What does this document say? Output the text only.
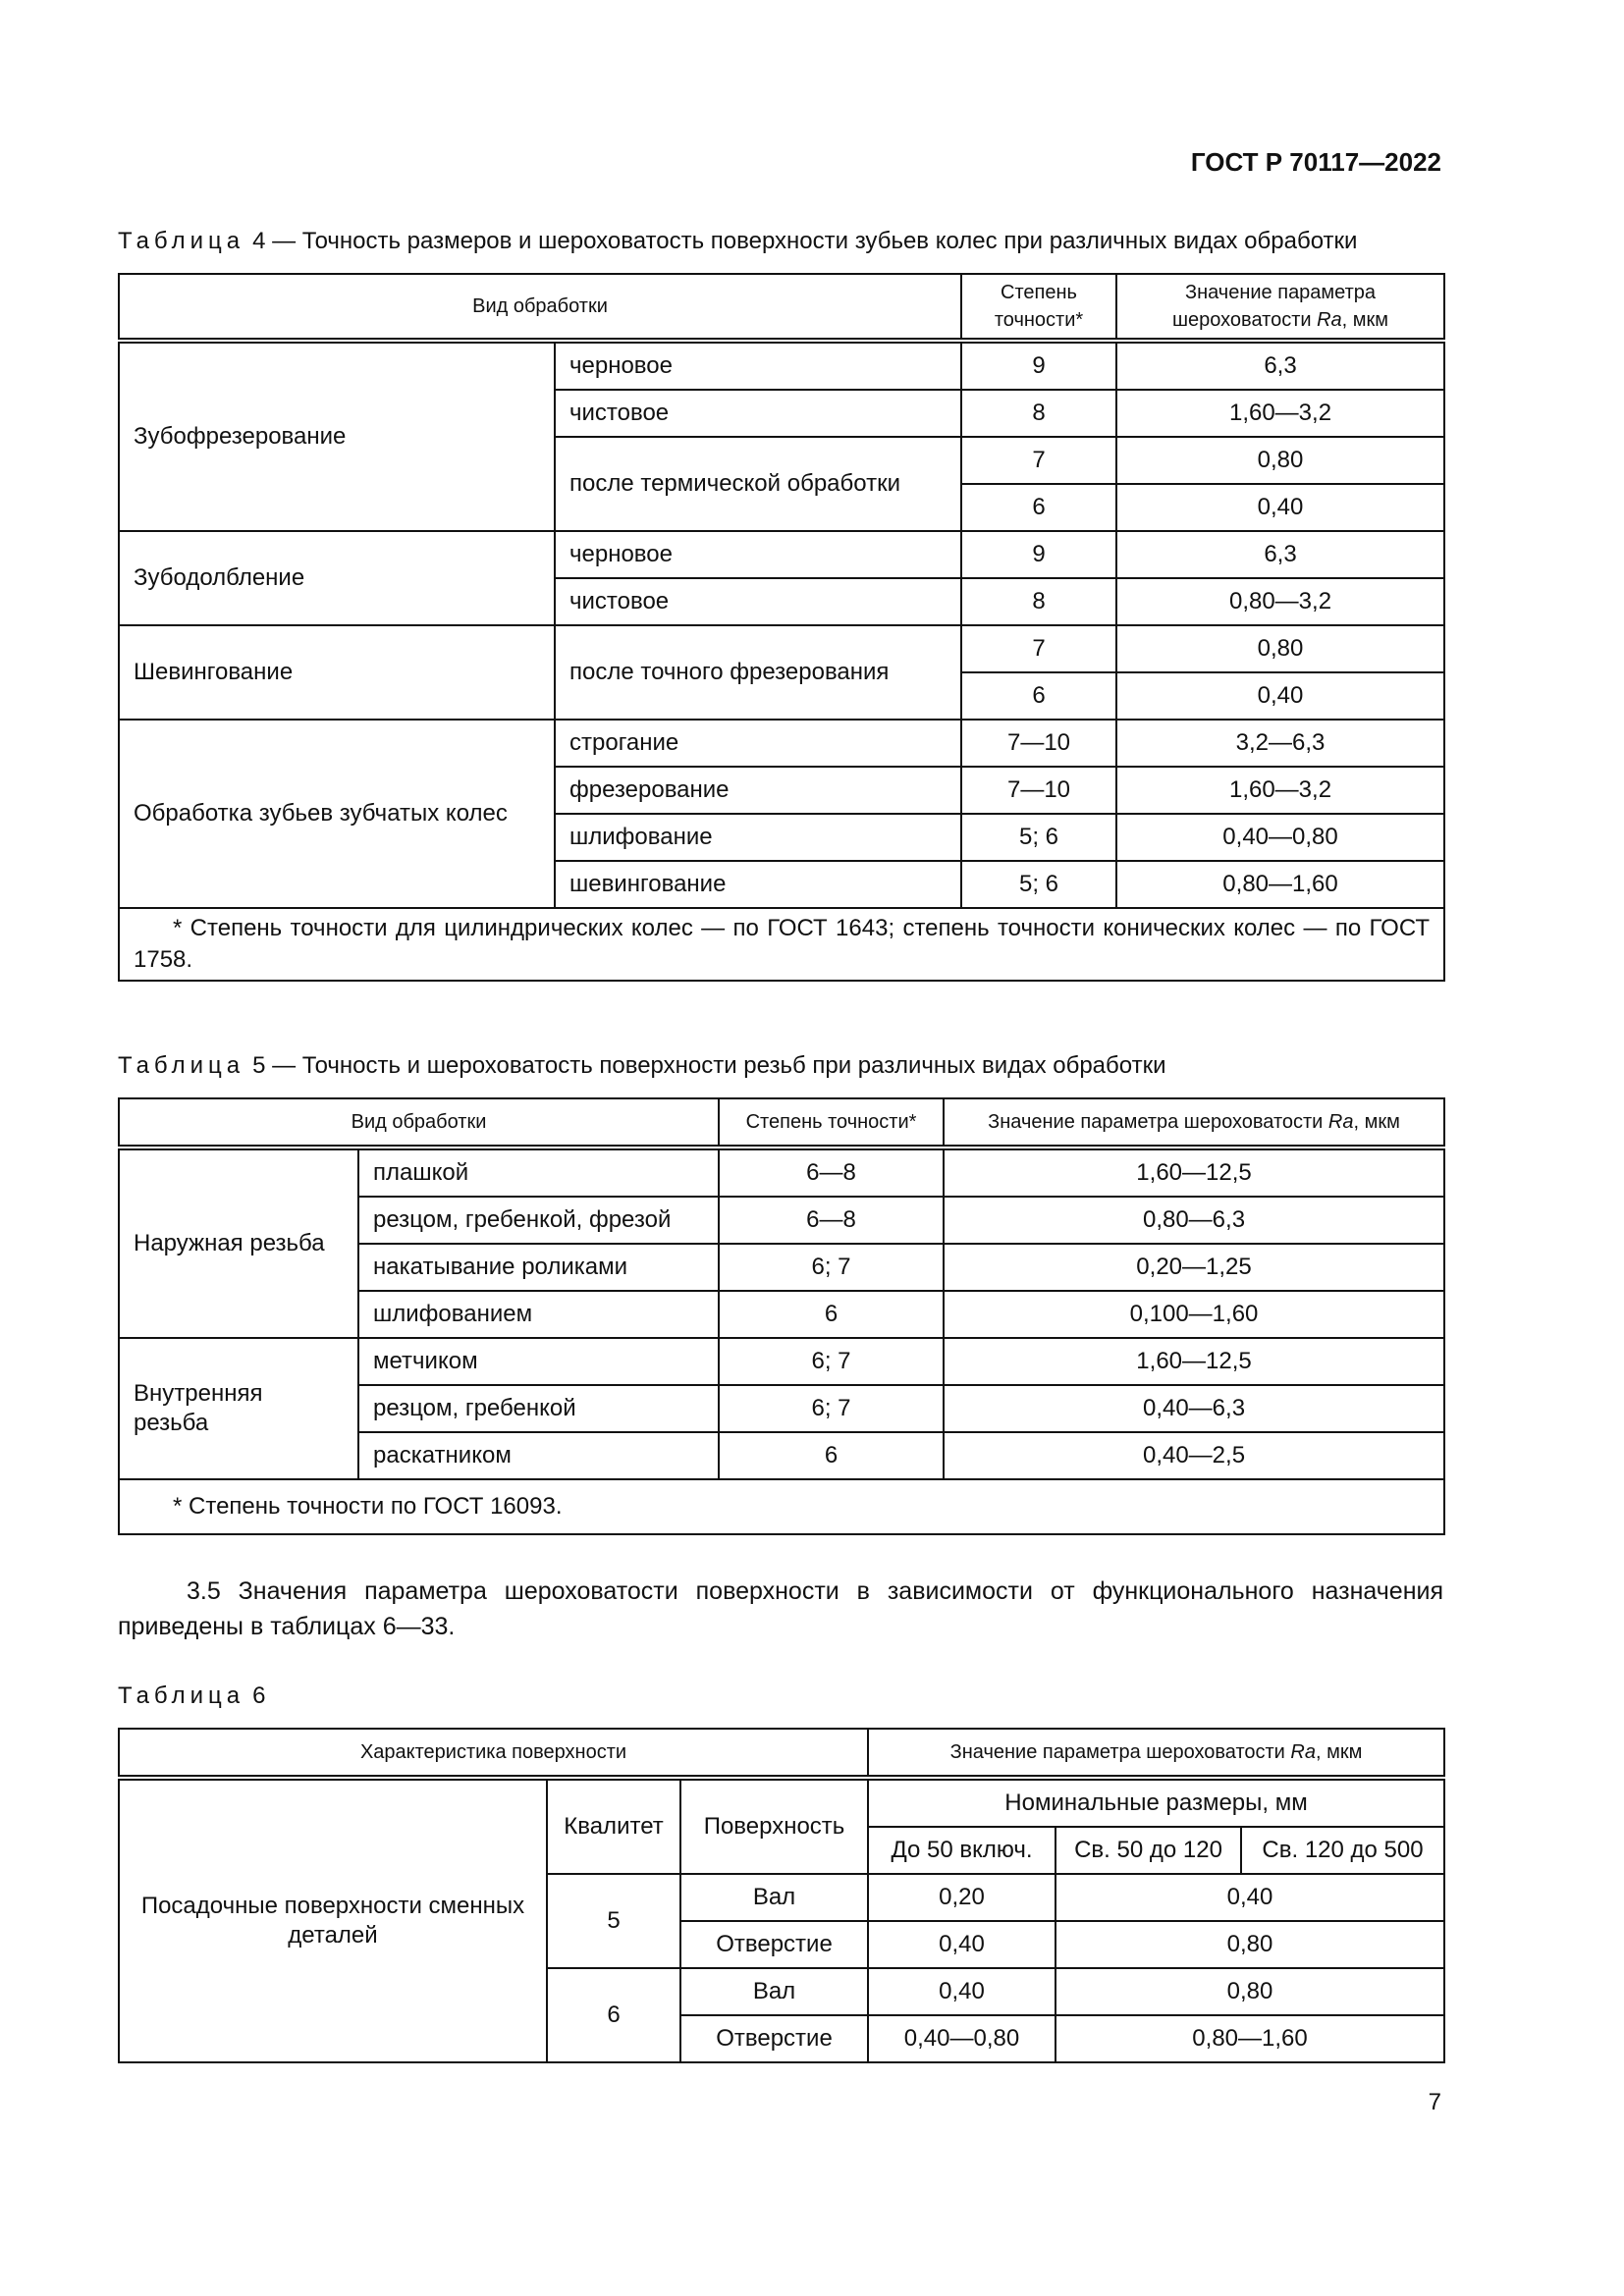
ГОСТ Р 70117—2022
Таблица 4 — Точность размеров и шероховатость поверхности зубьев колес при различных видах обработки
Вид обработки		Степень точности*	Значение параметра шероховатости Ra, мкм
Зубофрезерование	черновое	9	6,3
	чистовое	8	1,60—3,2
	после термической обработки	7	0,80
		6	0,40
Зубодолбление	черновое	9	6,3
	чистовое	8	0,80—3,2
Шевингование	после точного фрезерования	7	0,80
		6	0,40
Обработка зубьев зубчатых колес	строгание	7—10	3,2—6,3
	фрезерование	7—10	1,60—3,2
	шлифование	5; 6	0,40—0,80
	шевингование	5; 6	0,80—1,60
* Степень точности для цилиндрических колес — по ГОСТ 1643; степень точности конических колес — по ГОСТ 1758.			
Таблица 5 — Точность и шероховатость поверхности резьб при различных видах обработки
Вид обработки		Степень точности*	Значение параметра шероховатости Ra, мкм
Наружная резьба	плашкой	6—8	1,60—12,5
	резцом, гребенкой, фрезой	6—8	0,80—6,3
	накатывание роликами	6; 7	0,20—1,25
	шлифованием	6	0,100—1,60
Внутренняя резьба	метчиком	6; 7	1,60—12,5
	резцом, гребенкой	6; 7	0,40—6,3
	раскатником	6	0,40—2,5
* Степень точности по ГОСТ 16093.			
3.5 Значения параметра шероховатости поверхности в зависимости от функционального назначения приведены в таблицах 6—33.
Таблица 6
Характеристика поверхности			Значение параметра шероховатости Ra, мкм		
Посадочные поверхности сменных деталей	Квалитет	Поверхность	Номинальные размеры, мм		
			До 50 включ.	Св. 50 до 120	Св. 120 до 500
	5	Вал	0,20	0,40	
		Отверстие	0,40	0,80	
	6	Вал	0,40	0,80	
		Отверстие	0,40—0,80	0,80—1,60	
7
